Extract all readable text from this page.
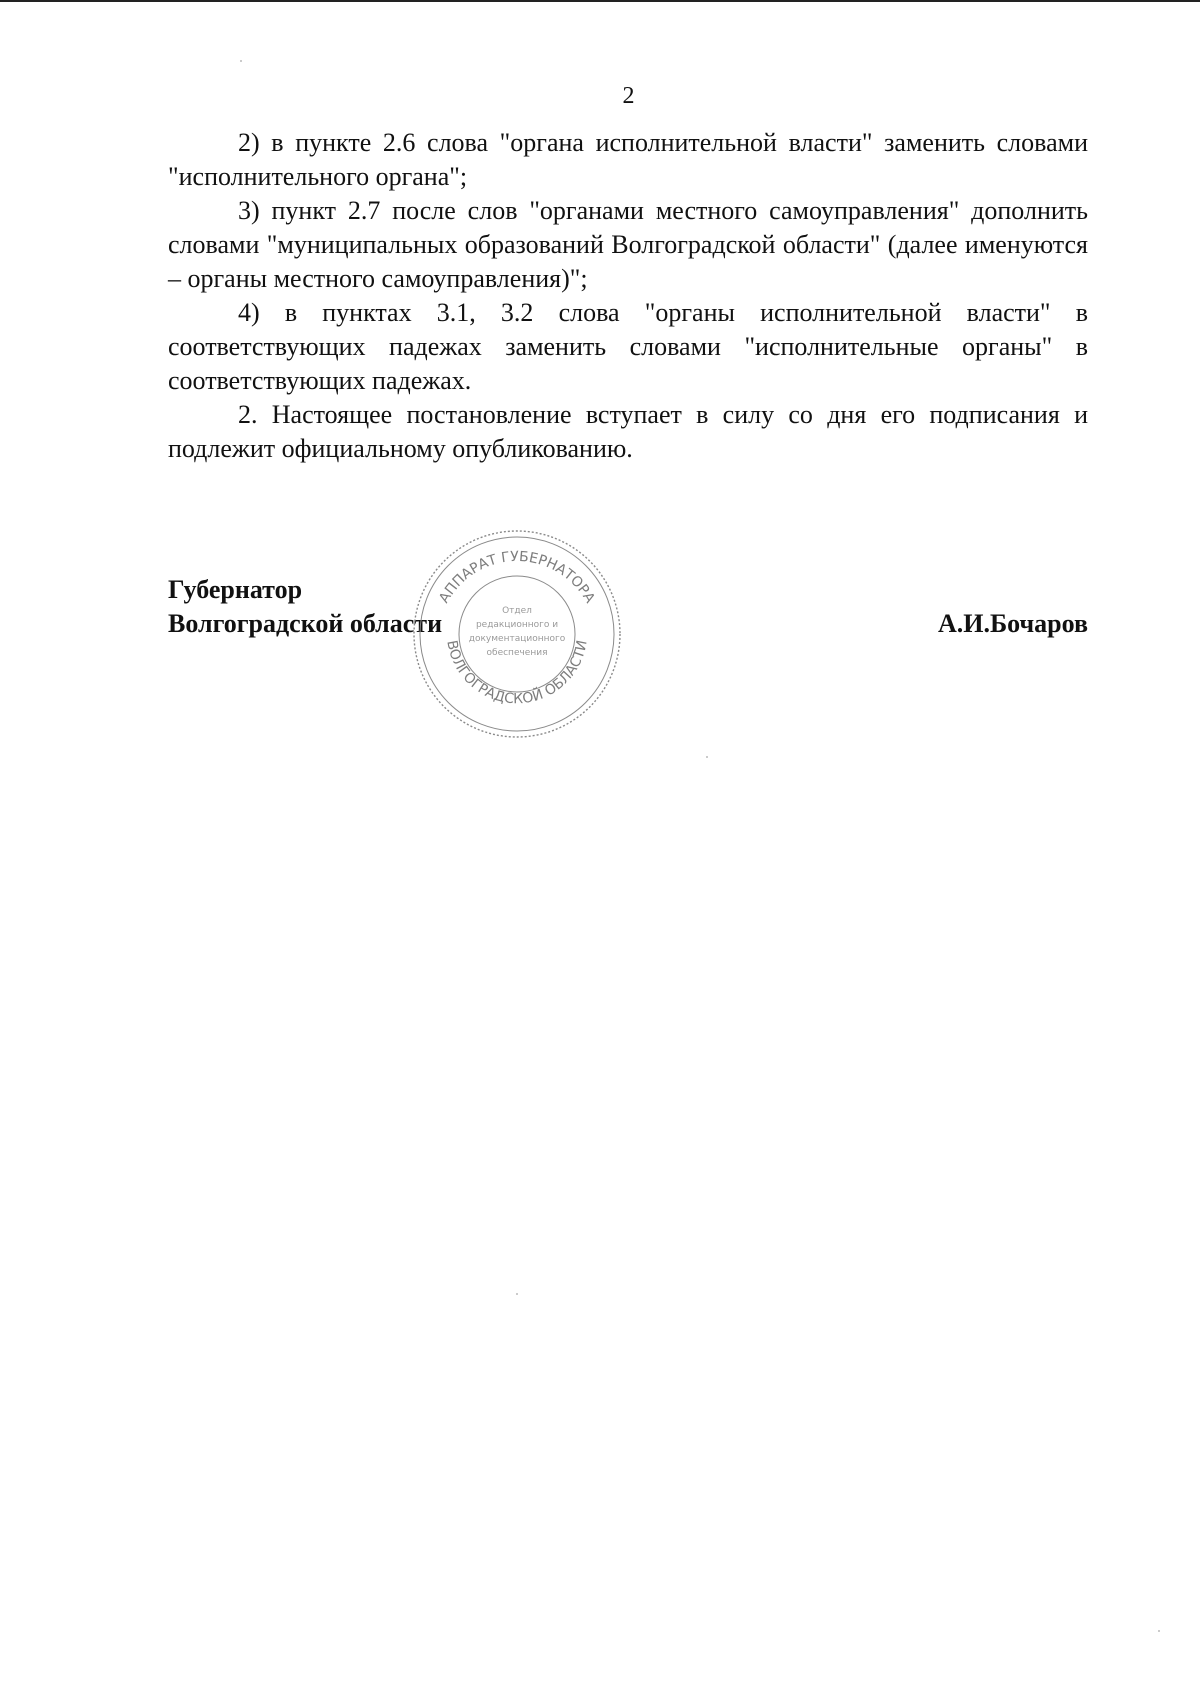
2

2) в пункте 2.6 слова "органа исполнительной власти" заменить словами "исполнительного органа";

3) пункт 2.7 после слов "органами местного самоуправления" дополнить словами "муниципальных образований Волгоградской области" (далее именуются – органы местного самоуправления)";

4) в пунктах 3.1, 3.2 слова "органы исполнительной власти" в соответствующих падежах заменить словами "исполнительные органы" в соответствующих падежах.

2. Настоящее постановление вступает в силу со дня его подписания и подлежит официальному опубликованию.

Губернатор
Волгоградской области	А.И.Бочаров
АППАРАТ ГУБЕРНАТОРА
ВОЛГОГРАДСКОЙ ОБЛАСТИ
Отдел
редакционного и
документационного
обеспечения
